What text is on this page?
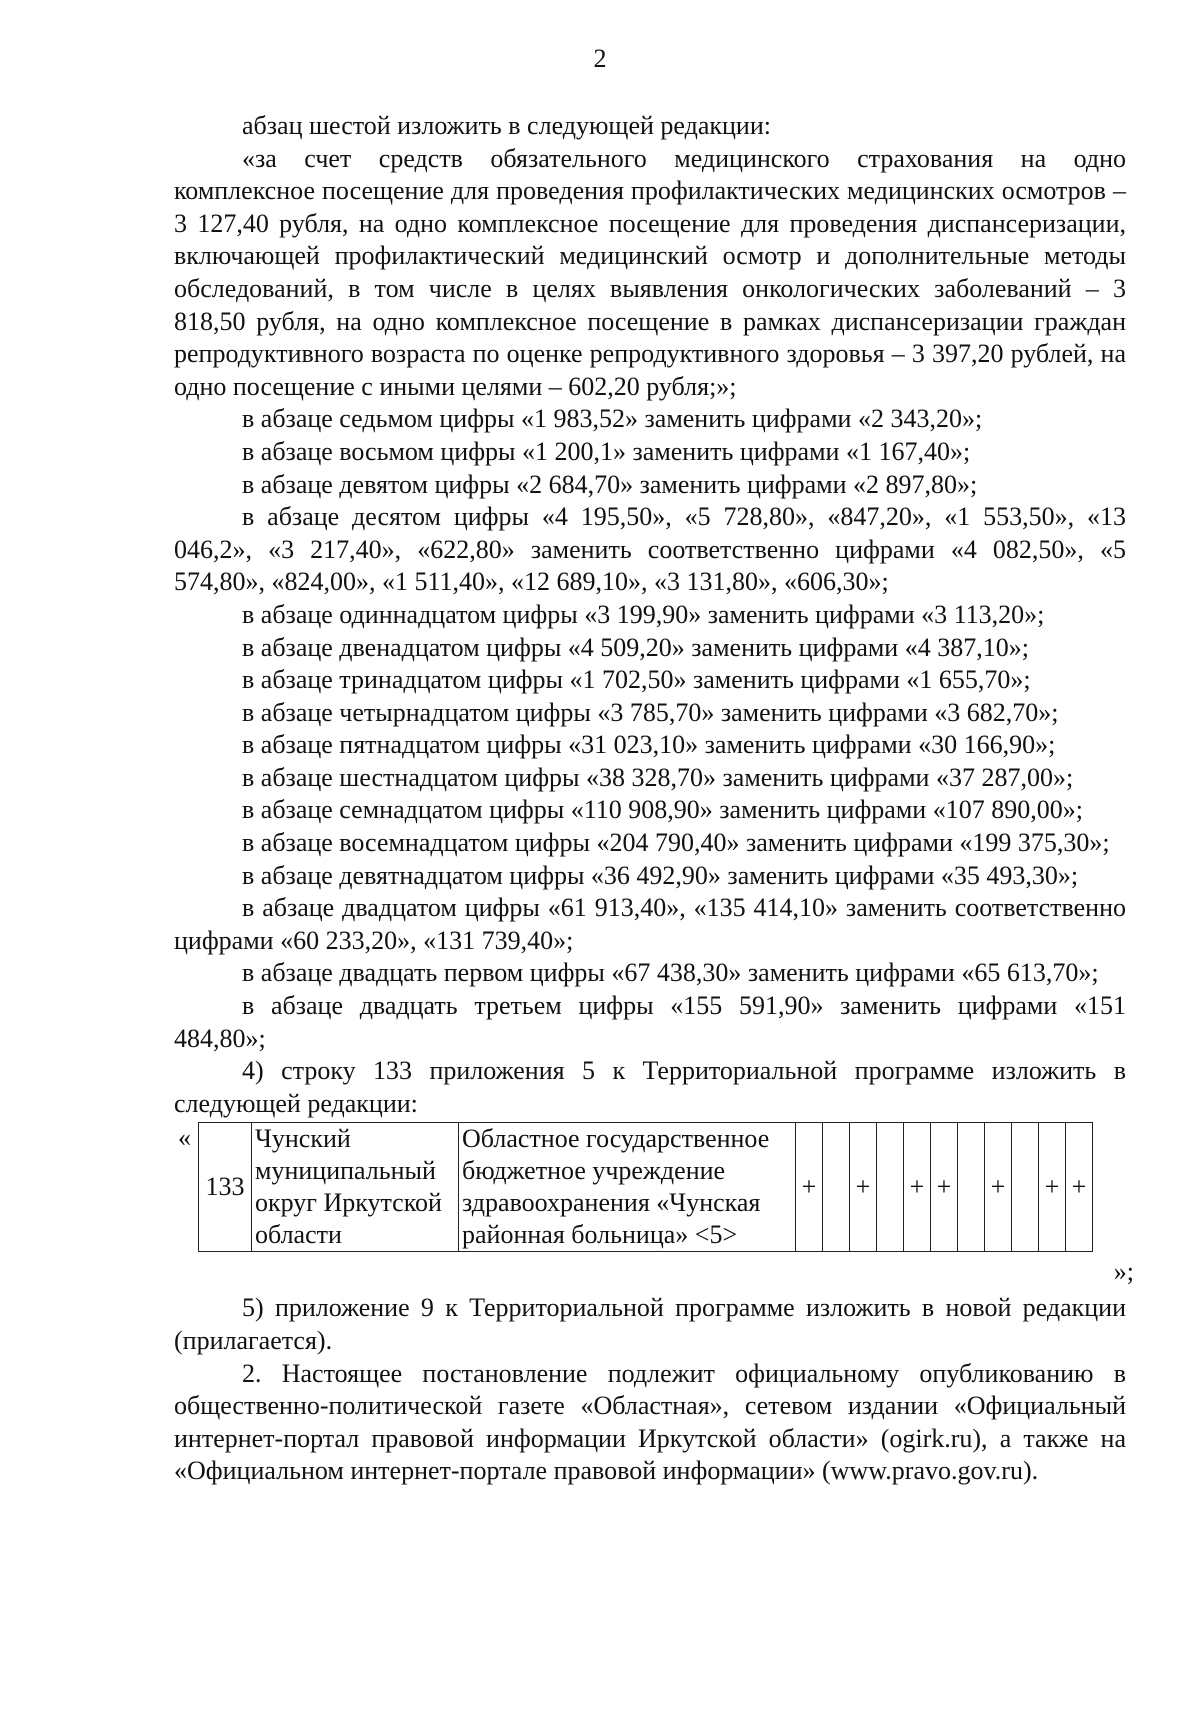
2

абзац шестой изложить в следующей редакции:

«за счет средств обязательного медицинского страхования на одно комплексное посещение для проведения профилактических медицинских осмотров – 3 127,40 рубля, на одно комплексное посещение для проведения диспансеризации, включающей профилактический медицинский осмотр и дополнительные методы обследований, в том числе в целях выявления онкологических заболеваний – 3 818,50 рубля, на одно комплексное посещение в рамках диспансеризации граждан репродуктивного возраста по оценке репродуктивного здоровья – 3 397,20 рублей, на одно посещение с иными целями – 602,20 рубля;»;

в абзаце седьмом цифры «1 983,52» заменить цифрами «2 343,20»;

в абзаце восьмом цифры «1 200,1» заменить цифрами «1 167,40»;

в абзаце девятом цифры «2 684,70» заменить цифрами «2 897,80»;

в абзаце десятом цифры «4 195,50», «5 728,80», «847,20», «1 553,50», «13 046,2», «3 217,40», «622,80» заменить соответственно цифрами «4 082,50», «5 574,80», «824,00», «1 511,40», «12 689,10», «3 131,80», «606,30»;

в абзаце одиннадцатом цифры «3 199,90» заменить цифрами «3 113,20»;

в абзаце двенадцатом цифры «4 509,20» заменить цифрами «4 387,10»;

в абзаце тринадцатом цифры «1 702,50» заменить цифрами «1 655,70»;

в абзаце четырнадцатом цифры «3 785,70» заменить цифрами «3 682,70»;

в абзаце пятнадцатом цифры «31 023,10» заменить цифрами «30 166,90»;

в абзаце шестнадцатом цифры «38 328,70» заменить цифрами «37 287,00»;

в абзаце семнадцатом цифры «110 908,90» заменить цифрами «107 890,00»;

в абзаце восемнадцатом цифры «204 790,40» заменить цифрами «199 375,30»;

в абзаце девятнадцатом цифры «36 492,90» заменить цифрами «35 493,30»;

в абзаце двадцатом цифры «61 913,40», «135 414,10» заменить соответственно цифрами «60 233,20», «131 739,40»;

в абзаце двадцать первом цифры «67 438,30» заменить цифрами «65 613,70»;

в абзаце двадцать третьем цифры «155 591,90» заменить цифрами «151 484,80»;

4) строку 133 приложения 5 к Территориальной программе изложить в следующей редакции:

«
133	Чунский муниципальный округ Иркутской области	Областное государственное бюджетное учреждение здравоохранения «Чунская районная больница» <5>	+		+		+	+		+		+	+
»;

5) приложение 9 к Территориальной программе изложить в новой редакции (прилагается).

2. Настоящее постановление подлежит официальному опубликованию в общественно-политической газете «Областная», сетевом издании «Официальный интернет-портал правовой информации Иркутской области» (ogirk.ru), а также на «Официальном интернет-портале правовой информации» (www.pravo.gov.ru).
